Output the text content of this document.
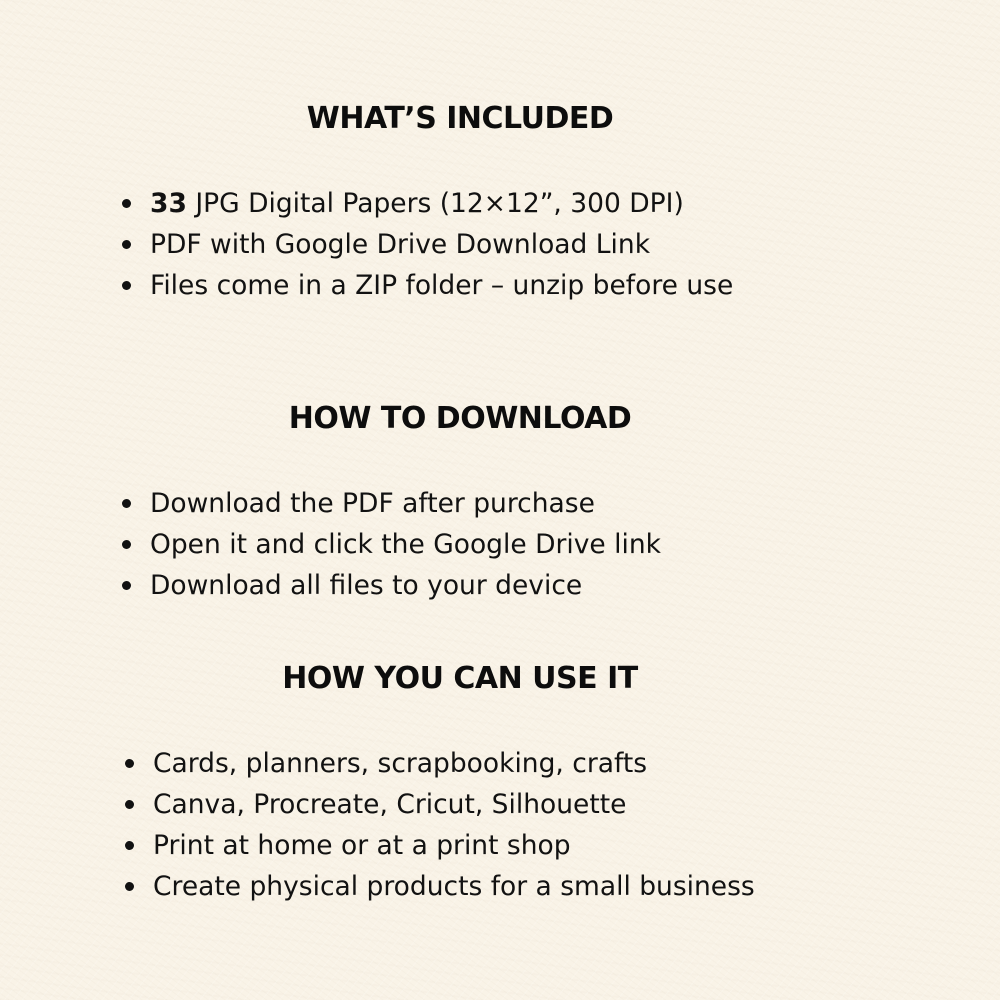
WHAT’S INCLUDED
33 JPG Digital Papers (12×12”, 300 DPI)
PDF with Google Drive Download Link
Files come in a ZIP folder – unzip before use
HOW TO DOWNLOAD
Download the PDF after purchase
Open it and click the Google Drive link
Download all files to your device
HOW YOU CAN USE IT
Cards, planners, scrapbooking, crafts
Canva, Procreate, Cricut, Silhouette
Print at home or at a print shop
Create physical products for a small business
